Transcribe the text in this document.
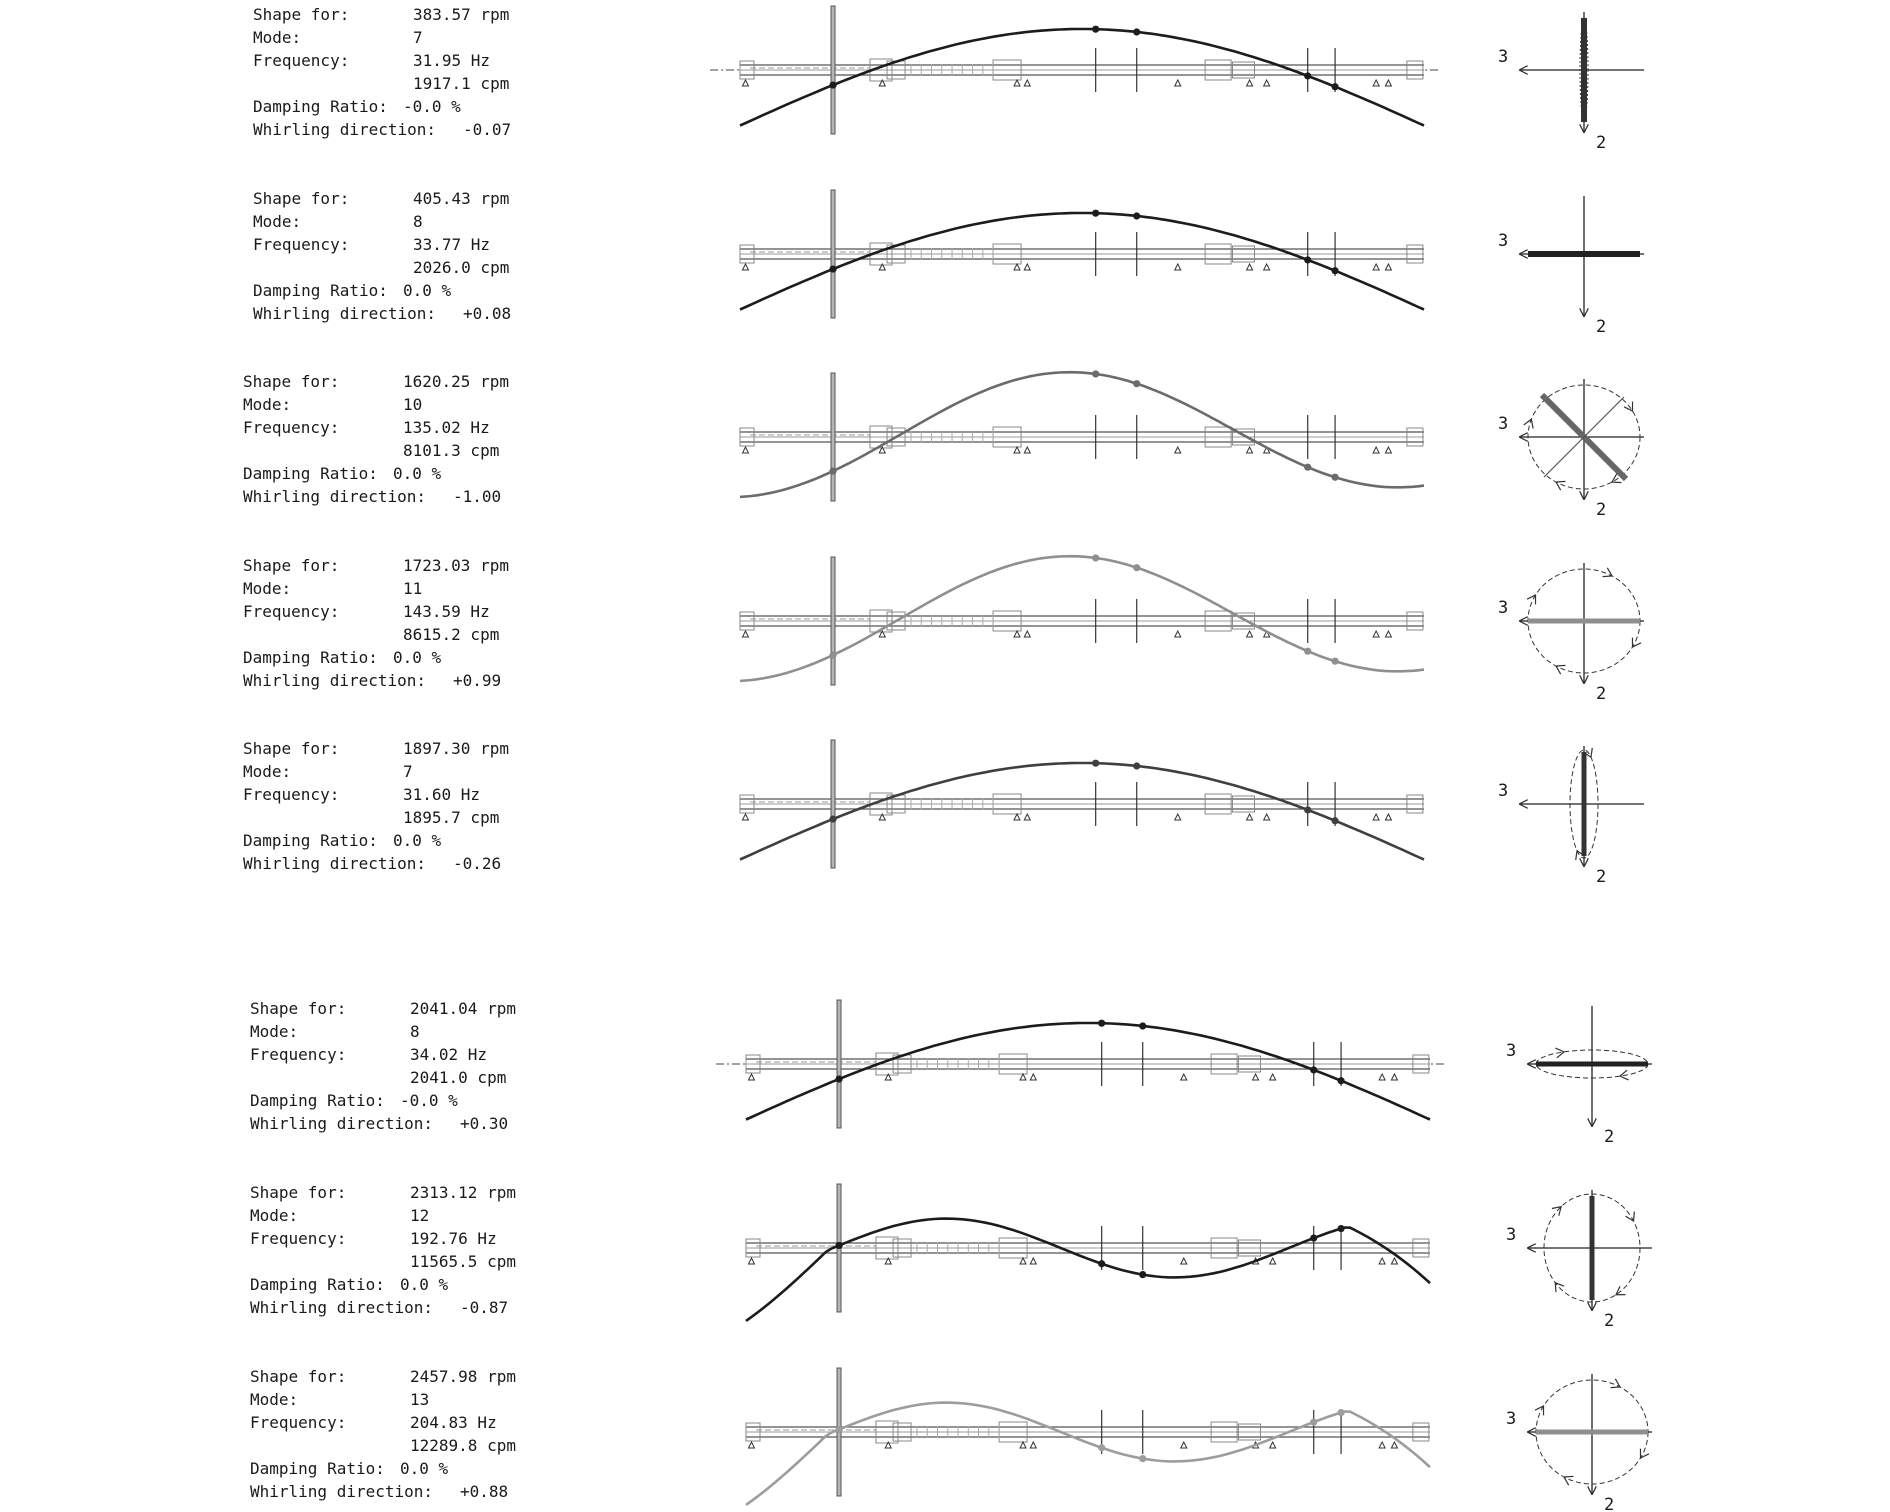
Shape for:	383.57 rpm
Mode:	7
Frequency:	31.95 Hz
1917.1 cpm
Damping Ratio: -0.0 %
Whirling direction: -0.07
3
2
Shape for:	405.43 rpm
Mode:	8
Frequency:	33.77 Hz
2026.0 cpm
Damping Ratio: 0.0 %
Whirling direction: +0.08
3
2
Shape for:	1620.25 rpm
Mode:	10
Frequency:	135.02 Hz
8101.3 cpm
Damping Ratio: 0.0 %
Whirling direction: -1.00
3
2
Shape for:	1723.03 rpm
Mode:	11
Frequency:	143.59 Hz
8615.2 cpm
Damping Ratio: 0.0 %
Whirling direction: +0.99
3
2
Shape for:	1897.30 rpm
Mode:	7
Frequency:	31.60 Hz
1895.7 cpm
Damping Ratio: 0.0 %
Whirling direction: -0.26
3
2
Shape for:	2041.04 rpm
Mode:	8
Frequency:	34.02 Hz
2041.0 cpm
Damping Ratio: -0.0 %
Whirling direction: +0.30
3
2
Shape for:	2313.12 rpm
Mode:	12
Frequency:	192.76 Hz
11565.5 cpm
Damping Ratio: 0.0 %
Whirling direction: -0.87
3
2
Shape for:	2457.98 rpm
Mode:	13
Frequency:	204.83 Hz
12289.8 cpm
Damping Ratio: 0.0 %
Whirling direction: +0.88
3
2
